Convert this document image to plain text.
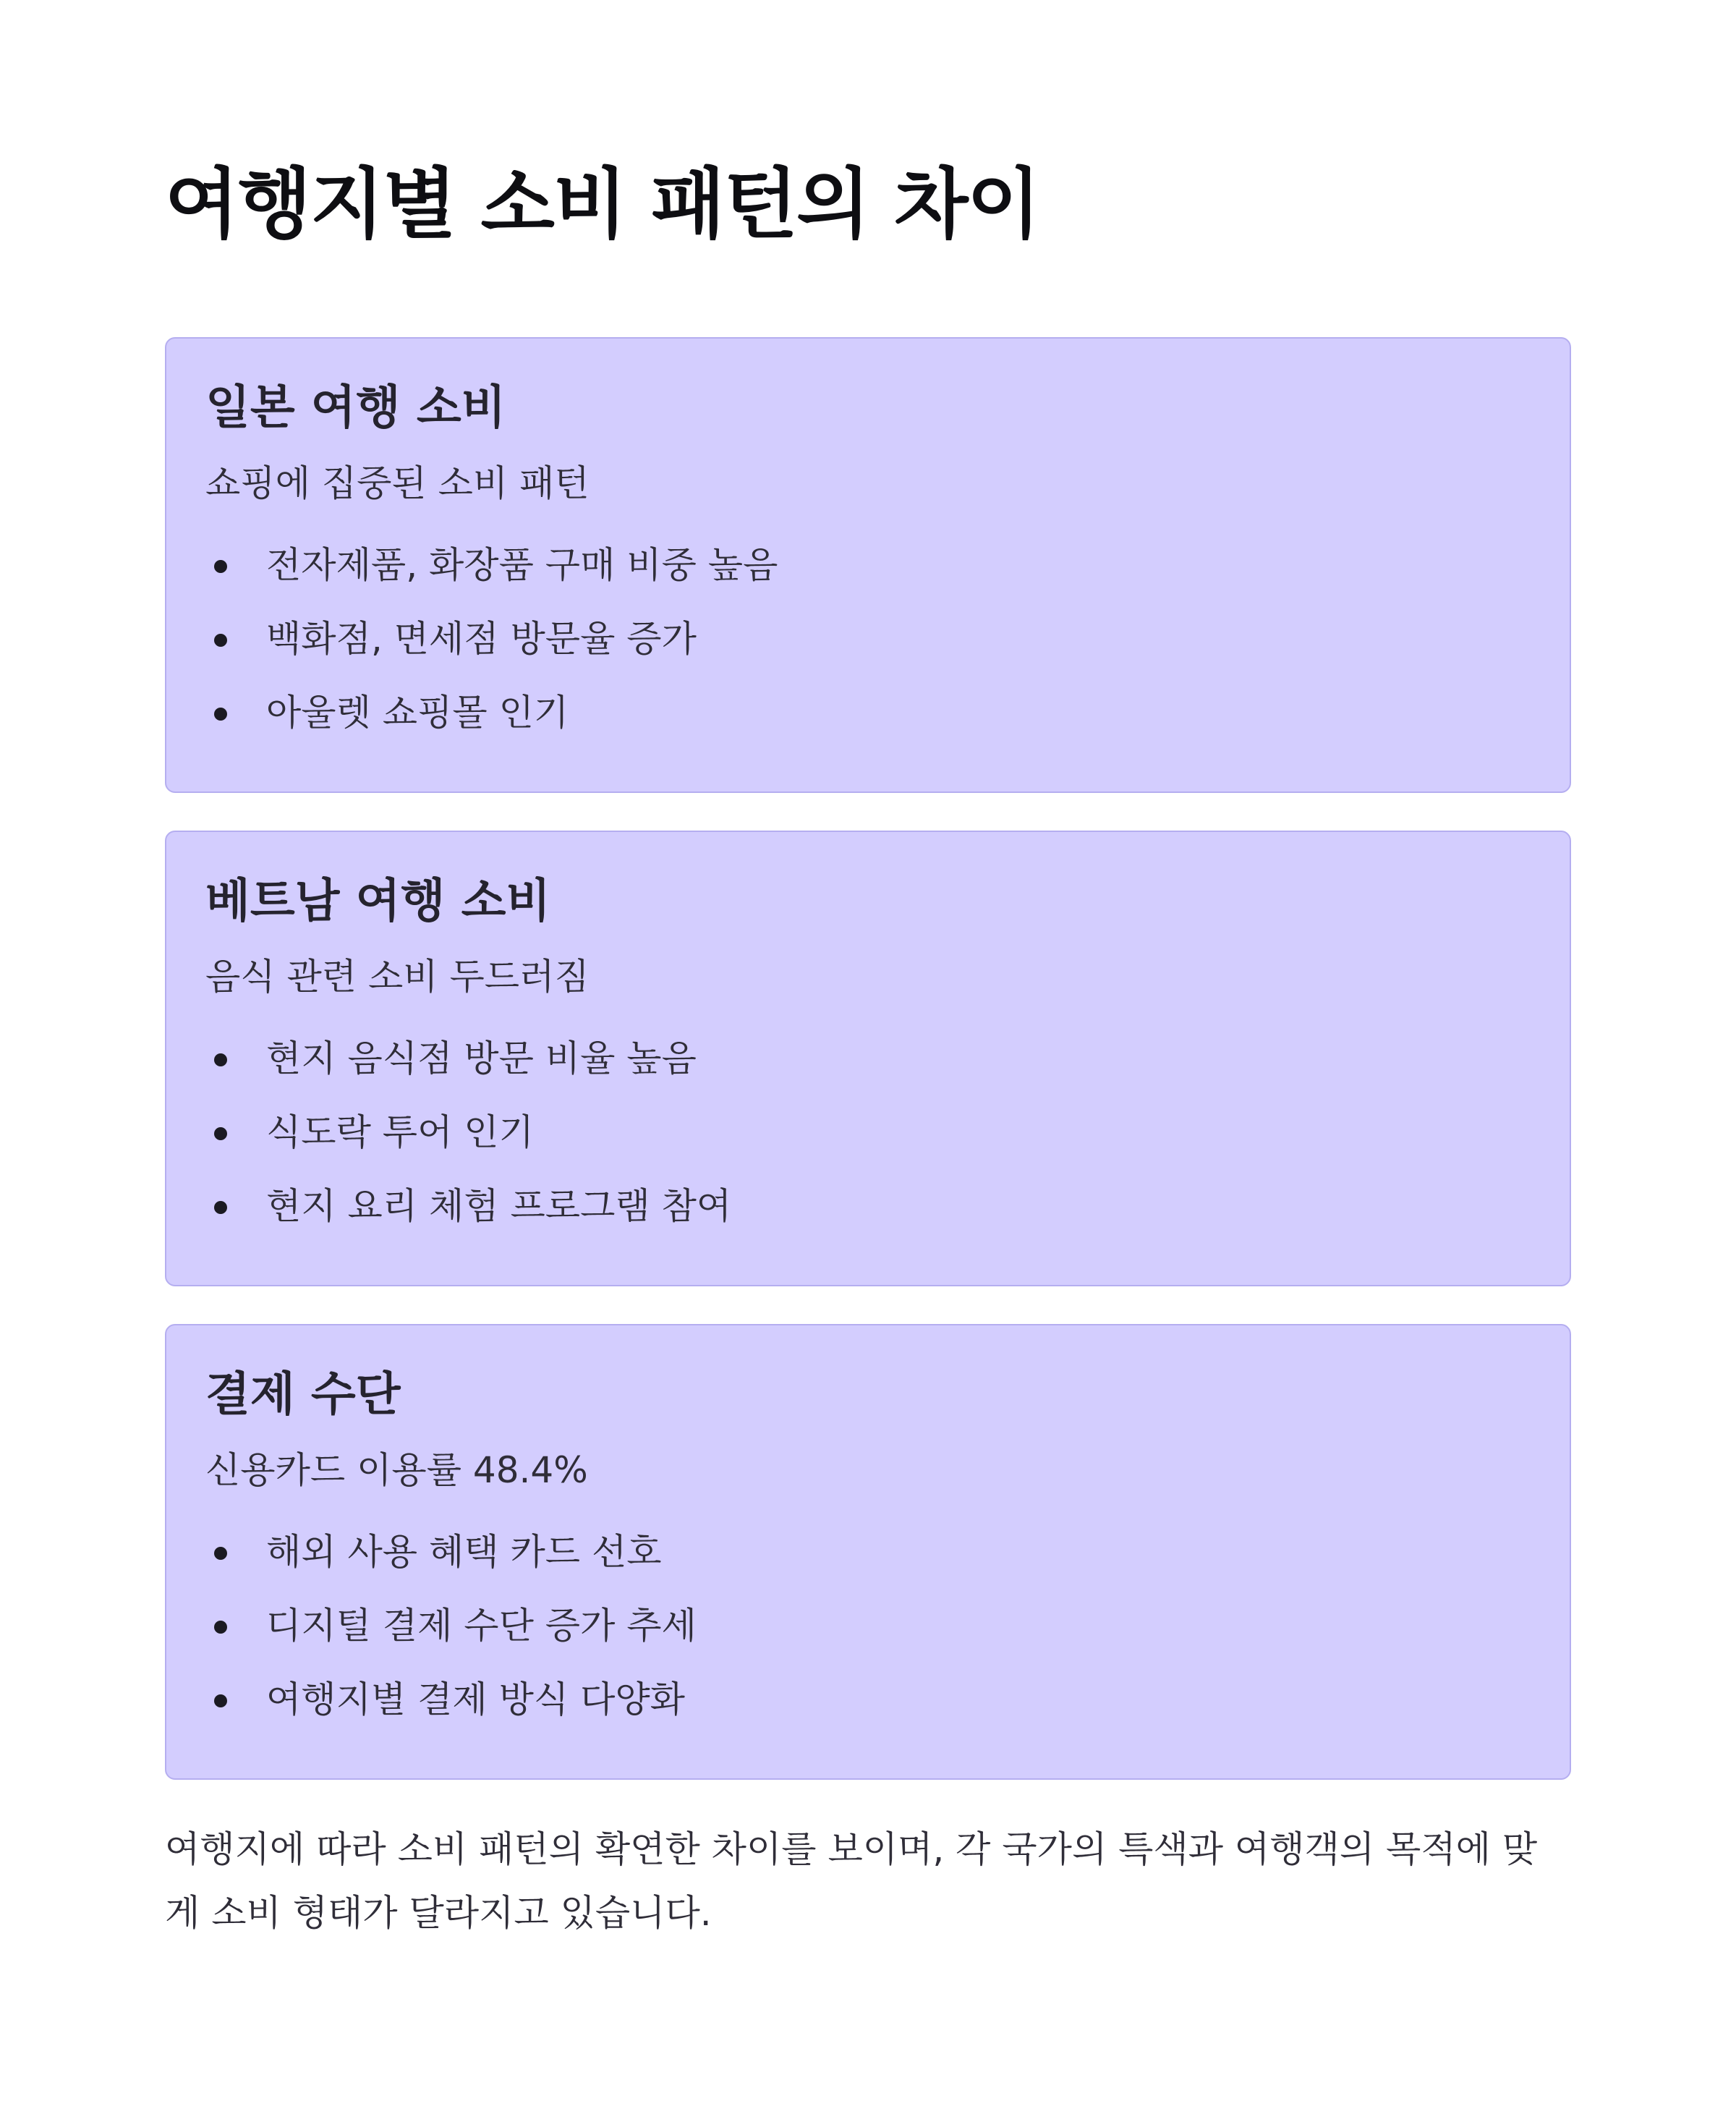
여행지별 소비 패턴의 차이
일본 여행 소비

쇼핑에 집중된 소비 패턴

전자제품, 화장품 구매 비중 높음
백화점, 면세점 방문율 증가
아울렛 쇼핑몰 인기
베트남 여행 소비

음식 관련 소비 두드러짐

현지 음식점 방문 비율 높음
식도락 투어 인기
현지 요리 체험 프로그램 참여
결제 수단

신용카드 이용률 48.4%

해외 사용 혜택 카드 선호
디지털 결제 수단 증가 추세
여행지별 결제 방식 다양화

여행지에 따라 소비 패턴의 확연한 차이를 보이며, 각 국가의 특색과 여행객의 목적에 맞게 소비 형태가 달라지고 있습니다.
